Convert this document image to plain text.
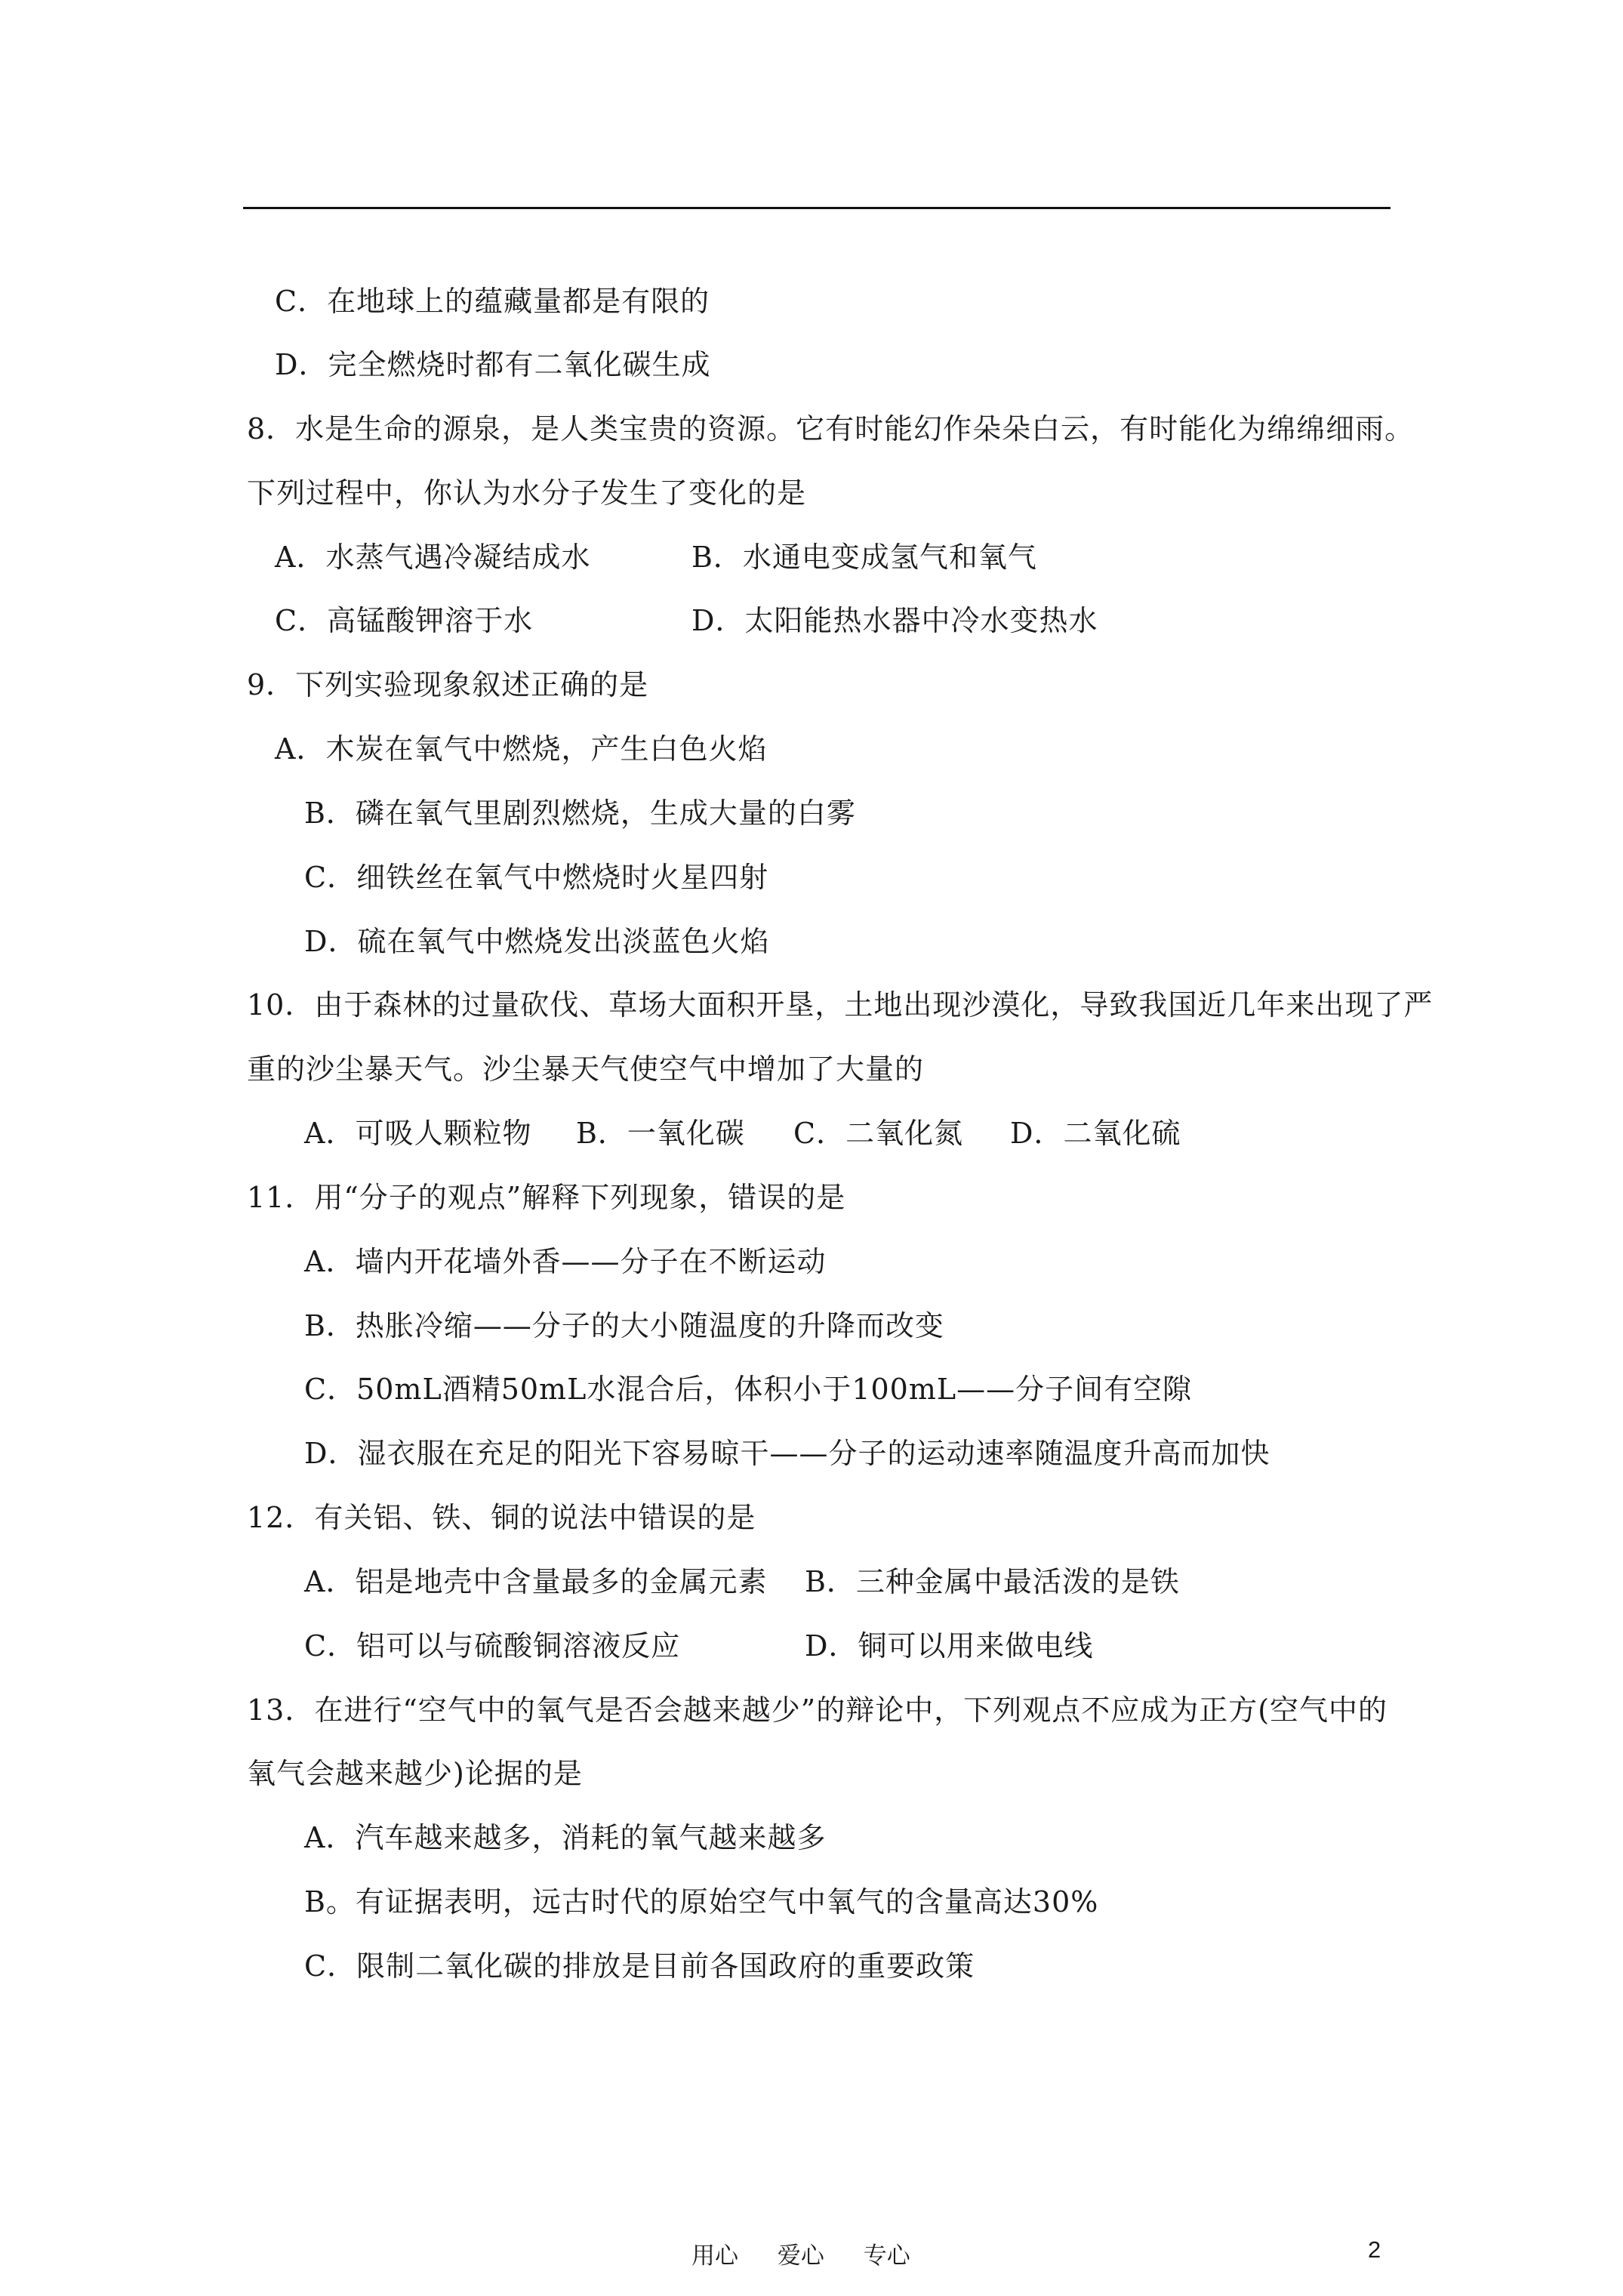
C．在地球上的蕴藏量都是有限的
D．完全燃烧时都有二氧化碳生成
8．水是生命的源泉，是人类宝贵的资源。它有时能幻作朵朵白云，有时能化为绵绵细雨。
下列过程中，你认为水分子发生了变化的是
A．水蒸气遇冷凝结成水	B．水通电变成氢气和氧气
C．高锰酸钾溶于水	D．太阳能热水器中冷水变热水
9．下列实验现象叙述正确的是
A．木炭在氧气中燃烧，产生白色火焰
B．磷在氧气里剧烈燃烧，生成大量的白雾
C．细铁丝在氧气中燃烧时火星四射
D．硫在氧气中燃烧发出淡蓝色火焰
10．由于森林的过量砍伐、草场大面积开垦，土地出现沙漠化，导致我国近几年来出现了严
重的沙尘暴天气。沙尘暴天气使空气中增加了大量的
A．可吸人颗粒物 B．一氧化碳 C．二氧化氮 D．二氧化硫
11．用“分子的观点”解释下列现象，错误的是
A．墙内开花墙外香——分子在不断运动
B．热胀冷缩——分子的大小随温度的升降而改变
C．50mL酒精50mL水混合后，体积小于100mL——分子间有空隙
D．湿衣服在充足的阳光下容易晾干——分子的运动速率随温度升高而加快
12．有关铝、铁、铜的说法中错误的是
A．铝是地壳中含量最多的金属元素 B．三种金属中最活泼的是铁
C．铝可以与硫酸铜溶液反应	D．铜可以用来做电线
13．在进行“空气中的氧气是否会越来越少”的辩论中，下列观点不应成为正方(空气中的
氧气会越来越少)论据的是
A．汽车越来越多，消耗的氧气越来越多
B。有证据表明，远古时代的原始空气中氧气的含量高达30%
C．限制二氧化碳的排放是目前各国政府的重要政策
用心 爱心 专心	2
